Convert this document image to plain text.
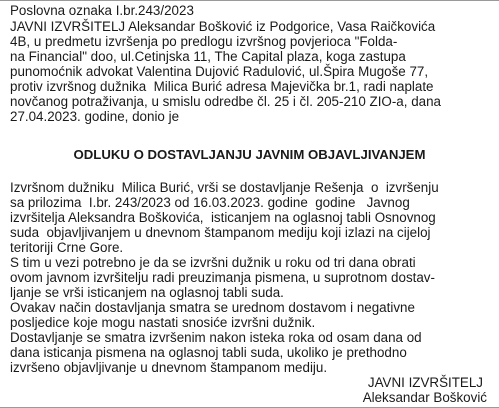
Poslovna oznaka I.br.243/2023

JAVNI IZVRŠITELJ Aleksandar Bošković iz Podgorice, Vasa Raičkovića

4B, u predmetu izvršenja po predlogu izvršnog povjerioca "Folda-

na Financial" doo, ul.Cetinjska 11, The Capital plaza, koga zastupa

punomoćnik advokat Valentina Dujović Radulović, ul.Špira Mugoše 77,

protiv izvršnog dužnika  Milica Burić adresa Majevička br.1, radi naplate

novčanog potraživanja, u smislu odredbe čl. 25 i čl. 205-210 ZIO-a, dana

27.04.2023. godine, donio je

ODLUKU O DOSTAVLJANJU JAVNIM OBJAVLJIVANJEM

Izvršnom dužniku  Milica Burić, vrši se dostavljanje Rešenja  o  izvršenju

sa prilozima  I.br. 243/2023 od 16.03.2023. godine  godine   Javnog

izvršitelja Aleksandra Boškovića,  isticanjem na oglasnoj tabli Osnovnog

suda  objavljivanjem u dnevnom štampanom mediju koji izlazi na cijeloj

teritoriji Crne Gore.

S tim u vezi potrebno je da se izvršni dužnik u roku od tri dana obrati

ovom javnom izvršitelju radi preuzimanja pismena, u suprotnom dostav-

ljanje se vrši isticanjem na oglasnoj tabli suda.

Ovakav način dostavljanja smatra se urednom dostavom i negativne

posljedice koje mogu nastati snosiće izvršni dužnik.

Dostavljanje se smatra izvršenim nakon isteka roka od osam dana od

dana isticanja pismena na oglasnoj tabli suda, ukoliko je prethodno

izvršeno objavljivanje u dnevnom štampanom mediju.

JAVNI IZVRŠITELJ

Aleksandar Bošković
